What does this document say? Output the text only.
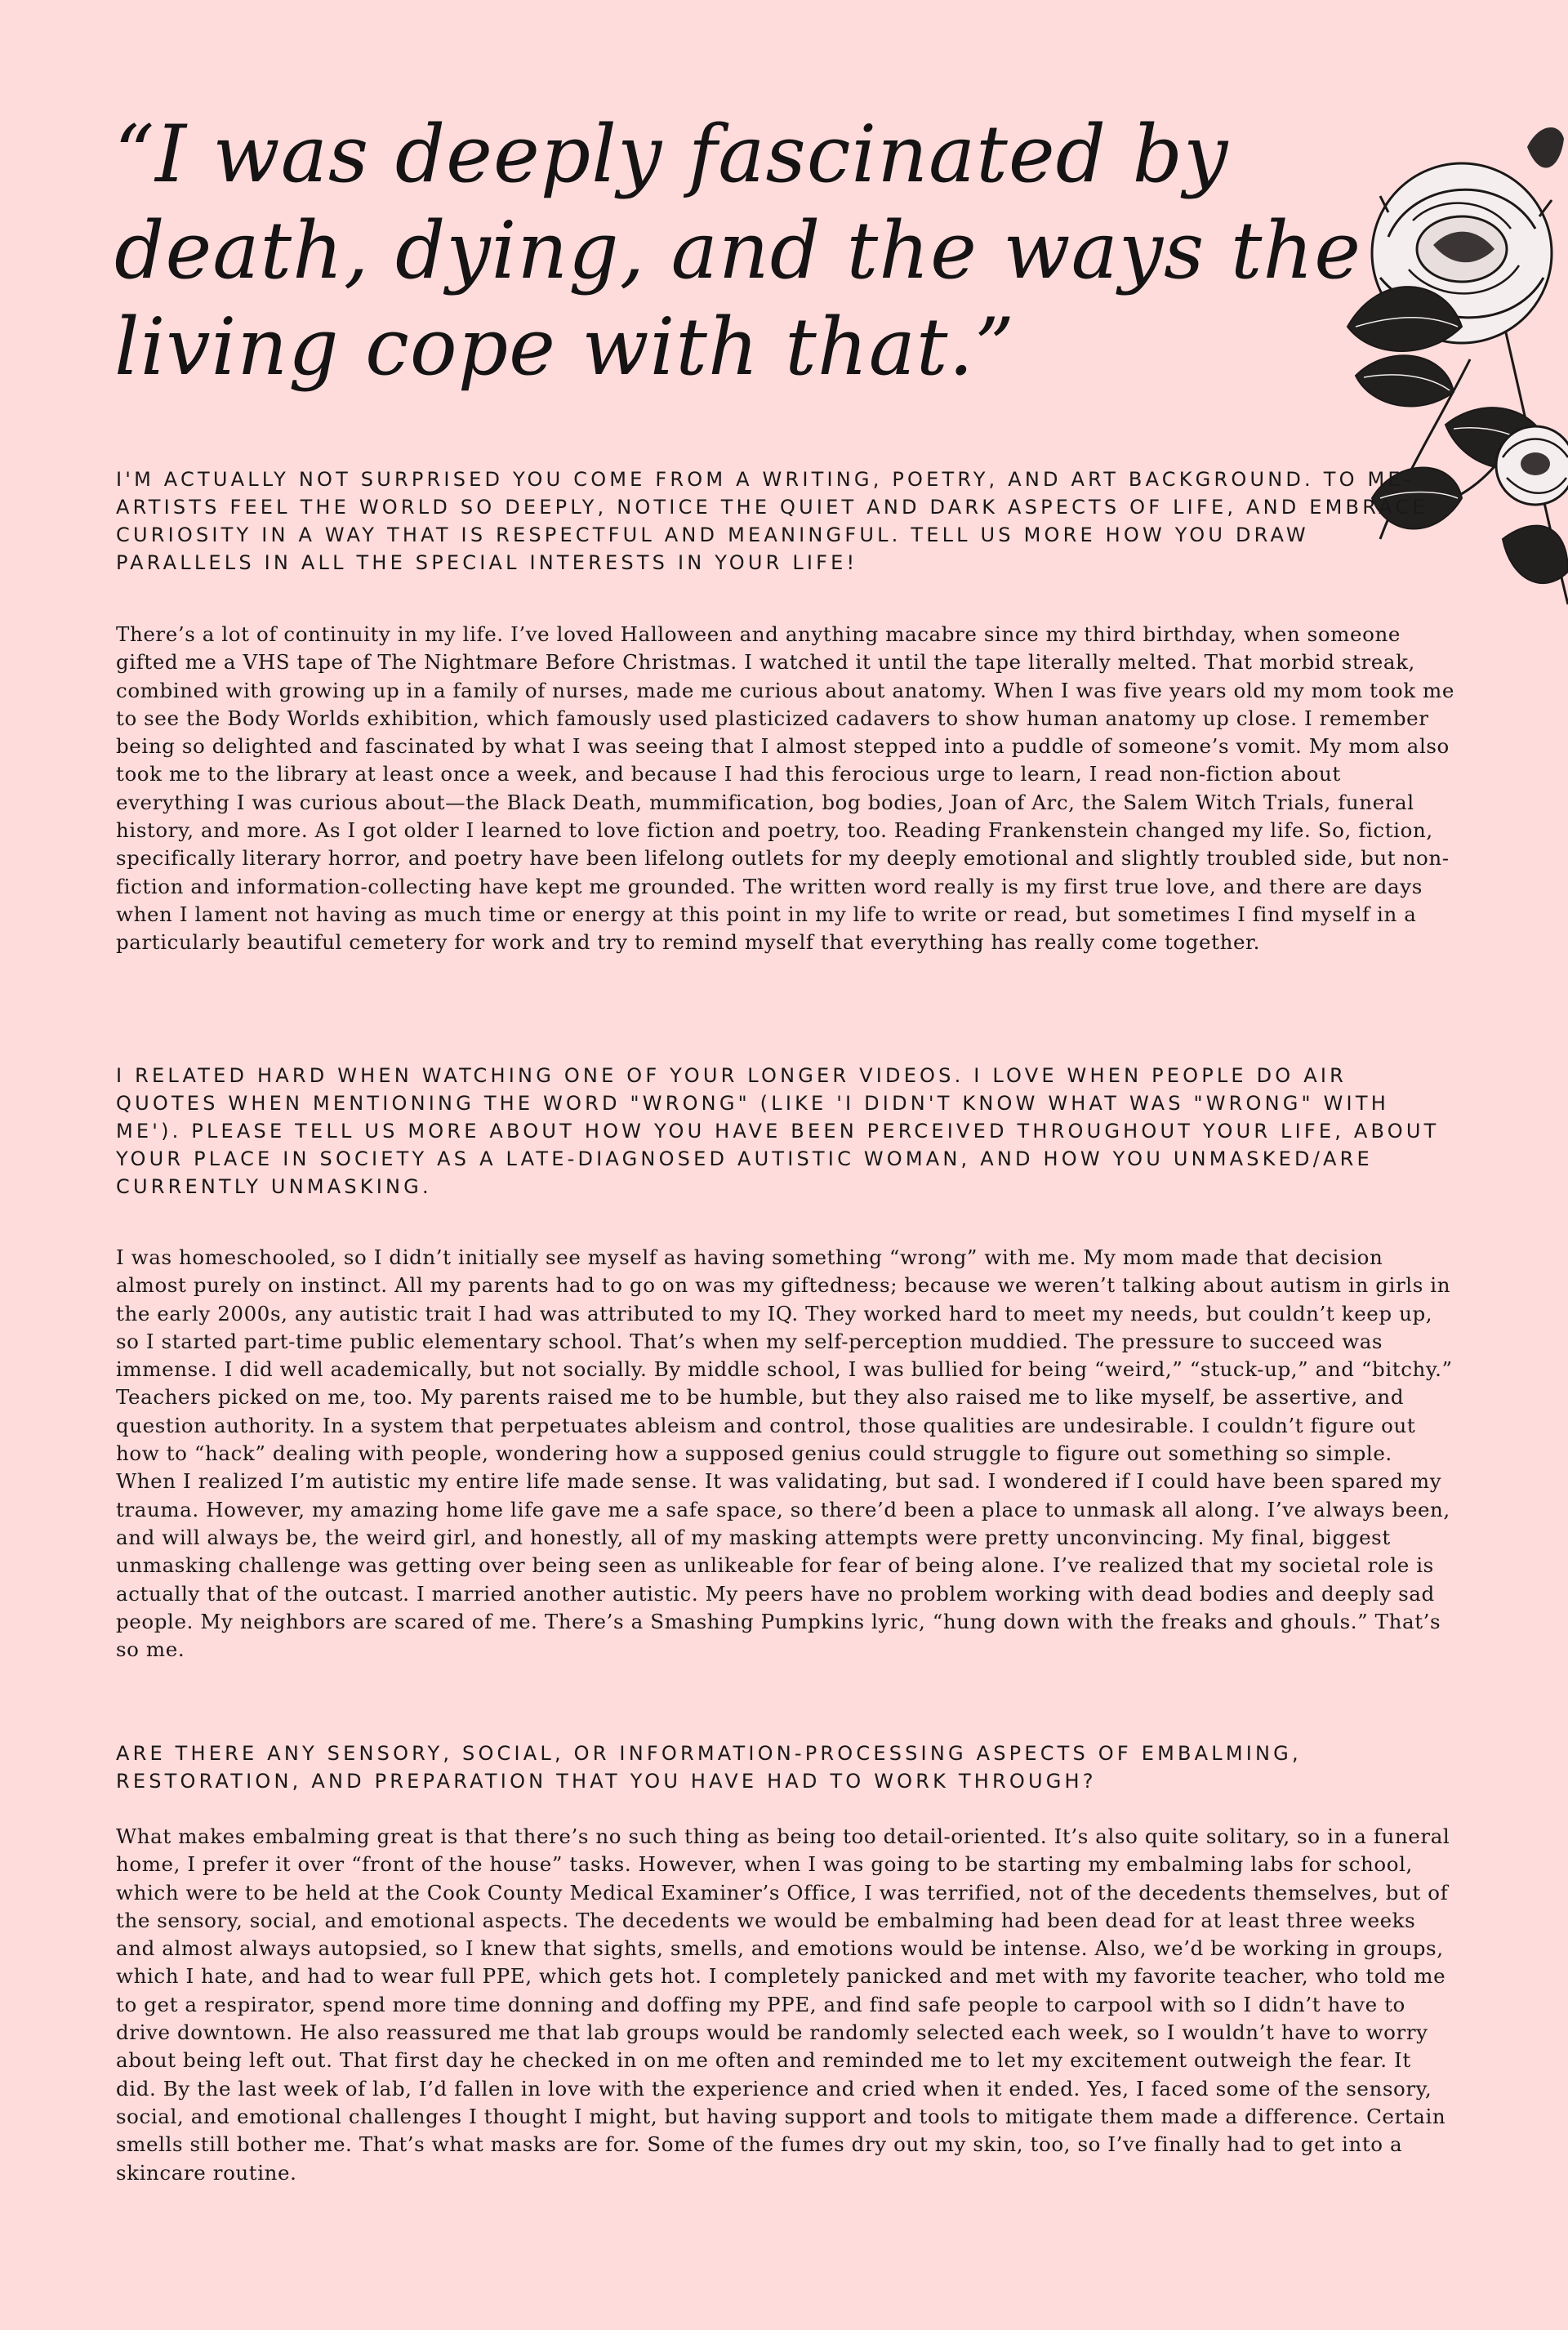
“I was deeply fascinated by death, dying, and the ways the living cope with that.”

I'M ACTUALLY NOT SURPRISED YOU COME FROM A WRITING, POETRY, AND ART BACKGROUND. TO ME- ARTISTS FEEL THE WORLD SO DEEPLY, NOTICE THE QUIET AND DARK ASPECTS OF LIFE, AND EMBRACE CURIOSITY IN A WAY THAT IS RESPECTFUL AND MEANINGFUL. TELL US MORE HOW YOU DRAW PARALLELS IN ALL THE SPECIAL INTERESTS IN YOUR LIFE!

There’s a lot of continuity in my life. I’ve loved Halloween and anything macabre since my third birthday, when someone gifted me a VHS tape of The Nightmare Before Christmas. I watched it until the tape literally melted. That morbid streak, combined with growing up in a family of nurses, made me curious about anatomy. When I was five years old my mom took me to see the Body Worlds exhibition, which famously used plasticized cadavers to show human anatomy up close. I remember being so delighted and fascinated by what I was seeing that I almost stepped into a puddle of someone’s vomit. My mom also took me to the library at least once a week, and because I had this ferocious urge to learn, I read non-fiction about everything I was curious about—the Black Death, mummification, bog bodies, Joan of Arc, the Salem Witch Trials, funeral history, and more. As I got older I learned to love fiction and poetry, too. Reading Frankenstein changed my life. So, fiction, specifically literary horror, and poetry have been lifelong outlets for my deeply emotional and slightly troubled side, but non-fiction and information-collecting have kept me grounded. The written word really is my first true love, and there are days when I lament not having as much time or energy at this point in my life to write or read, but sometimes I find myself in a particularly beautiful cemetery for work and try to remind myself that everything has really come together.

I RELATED HARD WHEN WATCHING ONE OF YOUR LONGER VIDEOS. I LOVE WHEN PEOPLE DO AIR QUOTES WHEN MENTIONING THE WORD "WRONG" (LIKE 'I DIDN'T KNOW WHAT WAS "WRONG" WITH ME'). PLEASE TELL US MORE ABOUT HOW YOU HAVE BEEN PERCEIVED THROUGHOUT YOUR LIFE, ABOUT YOUR PLACE IN SOCIETY AS A LATE-DIAGNOSED AUTISTIC WOMAN, AND HOW YOU UNMASKED/ARE CURRENTLY UNMASKING.

I was homeschooled, so I didn’t initially see myself as having something “wrong” with me. My mom made that decision almost purely on instinct. All my parents had to go on was my giftedness; because we weren’t talking about autism in girls in the early 2000s, any autistic trait I had was attributed to my IQ. They worked hard to meet my needs, but couldn’t keep up, so I started part-time public elementary school. That’s when my self-perception muddied. The pressure to succeed was immense. I did well academically, but not socially. By middle school, I was bullied for being “weird,” “stuck-up,” and “bitchy.” Teachers picked on me, too. My parents raised me to be humble, but they also raised me to like myself, be assertive, and question authority. In a system that perpetuates ableism and control, those qualities are undesirable. I couldn’t figure out how to “hack” dealing with people, wondering how a supposed genius could struggle to figure out something so simple. When I realized I’m autistic my entire life made sense. It was validating, but sad. I wondered if I could have been spared my trauma. However, my amazing home life gave me a safe space, so there’d been a place to unmask all along. I’ve always been, and will always be, the weird girl, and honestly, all of my masking attempts were pretty unconvincing. My final, biggest unmasking challenge was getting over being seen as unlikeable for fear of being alone. I’ve realized that my societal role is actually that of the outcast. I married another autistic. My peers have no problem working with dead bodies and deeply sad people. My neighbors are scared of me. There’s a Smashing Pumpkins lyric, “hung down with the freaks and ghouls.” That’s so me.

ARE THERE ANY SENSORY, SOCIAL, OR INFORMATION-PROCESSING ASPECTS OF EMBALMING, RESTORATION, AND PREPARATION THAT YOU HAVE HAD TO WORK THROUGH?

What makes embalming great is that there’s no such thing as being too detail-oriented. It’s also quite solitary, so in a funeral home, I prefer it over “front of the house” tasks. However, when I was going to be starting my embalming labs for school, which were to be held at the Cook County Medical Examiner’s Office, I was terrified, not of the decedents themselves, but of the sensory, social, and emotional aspects. The decedents we would be embalming had been dead for at least three weeks and almost always autopsied, so I knew that sights, smells, and emotions would be intense. Also, we’d be working in groups, which I hate, and had to wear full PPE, which gets hot. I completely panicked and met with my favorite teacher, who told me to get a respirator, spend more time donning and doffing my PPE, and find safe people to carpool with so I didn’t have to drive downtown. He also reassured me that lab groups would be randomly selected each week, so I wouldn’t have to worry about being left out. That first day he checked in on me often and reminded me to let my excitement outweigh the fear. It did. By the last week of lab, I’d fallen in love with the experience and cried when it ended. Yes, I faced some of the sensory, social, and emotional challenges I thought I might, but having support and tools to mitigate them made a difference. Certain smells still bother me. That’s what masks are for. Some of the fumes dry out my skin, too, so I’ve finally had to get into a skincare routine.
